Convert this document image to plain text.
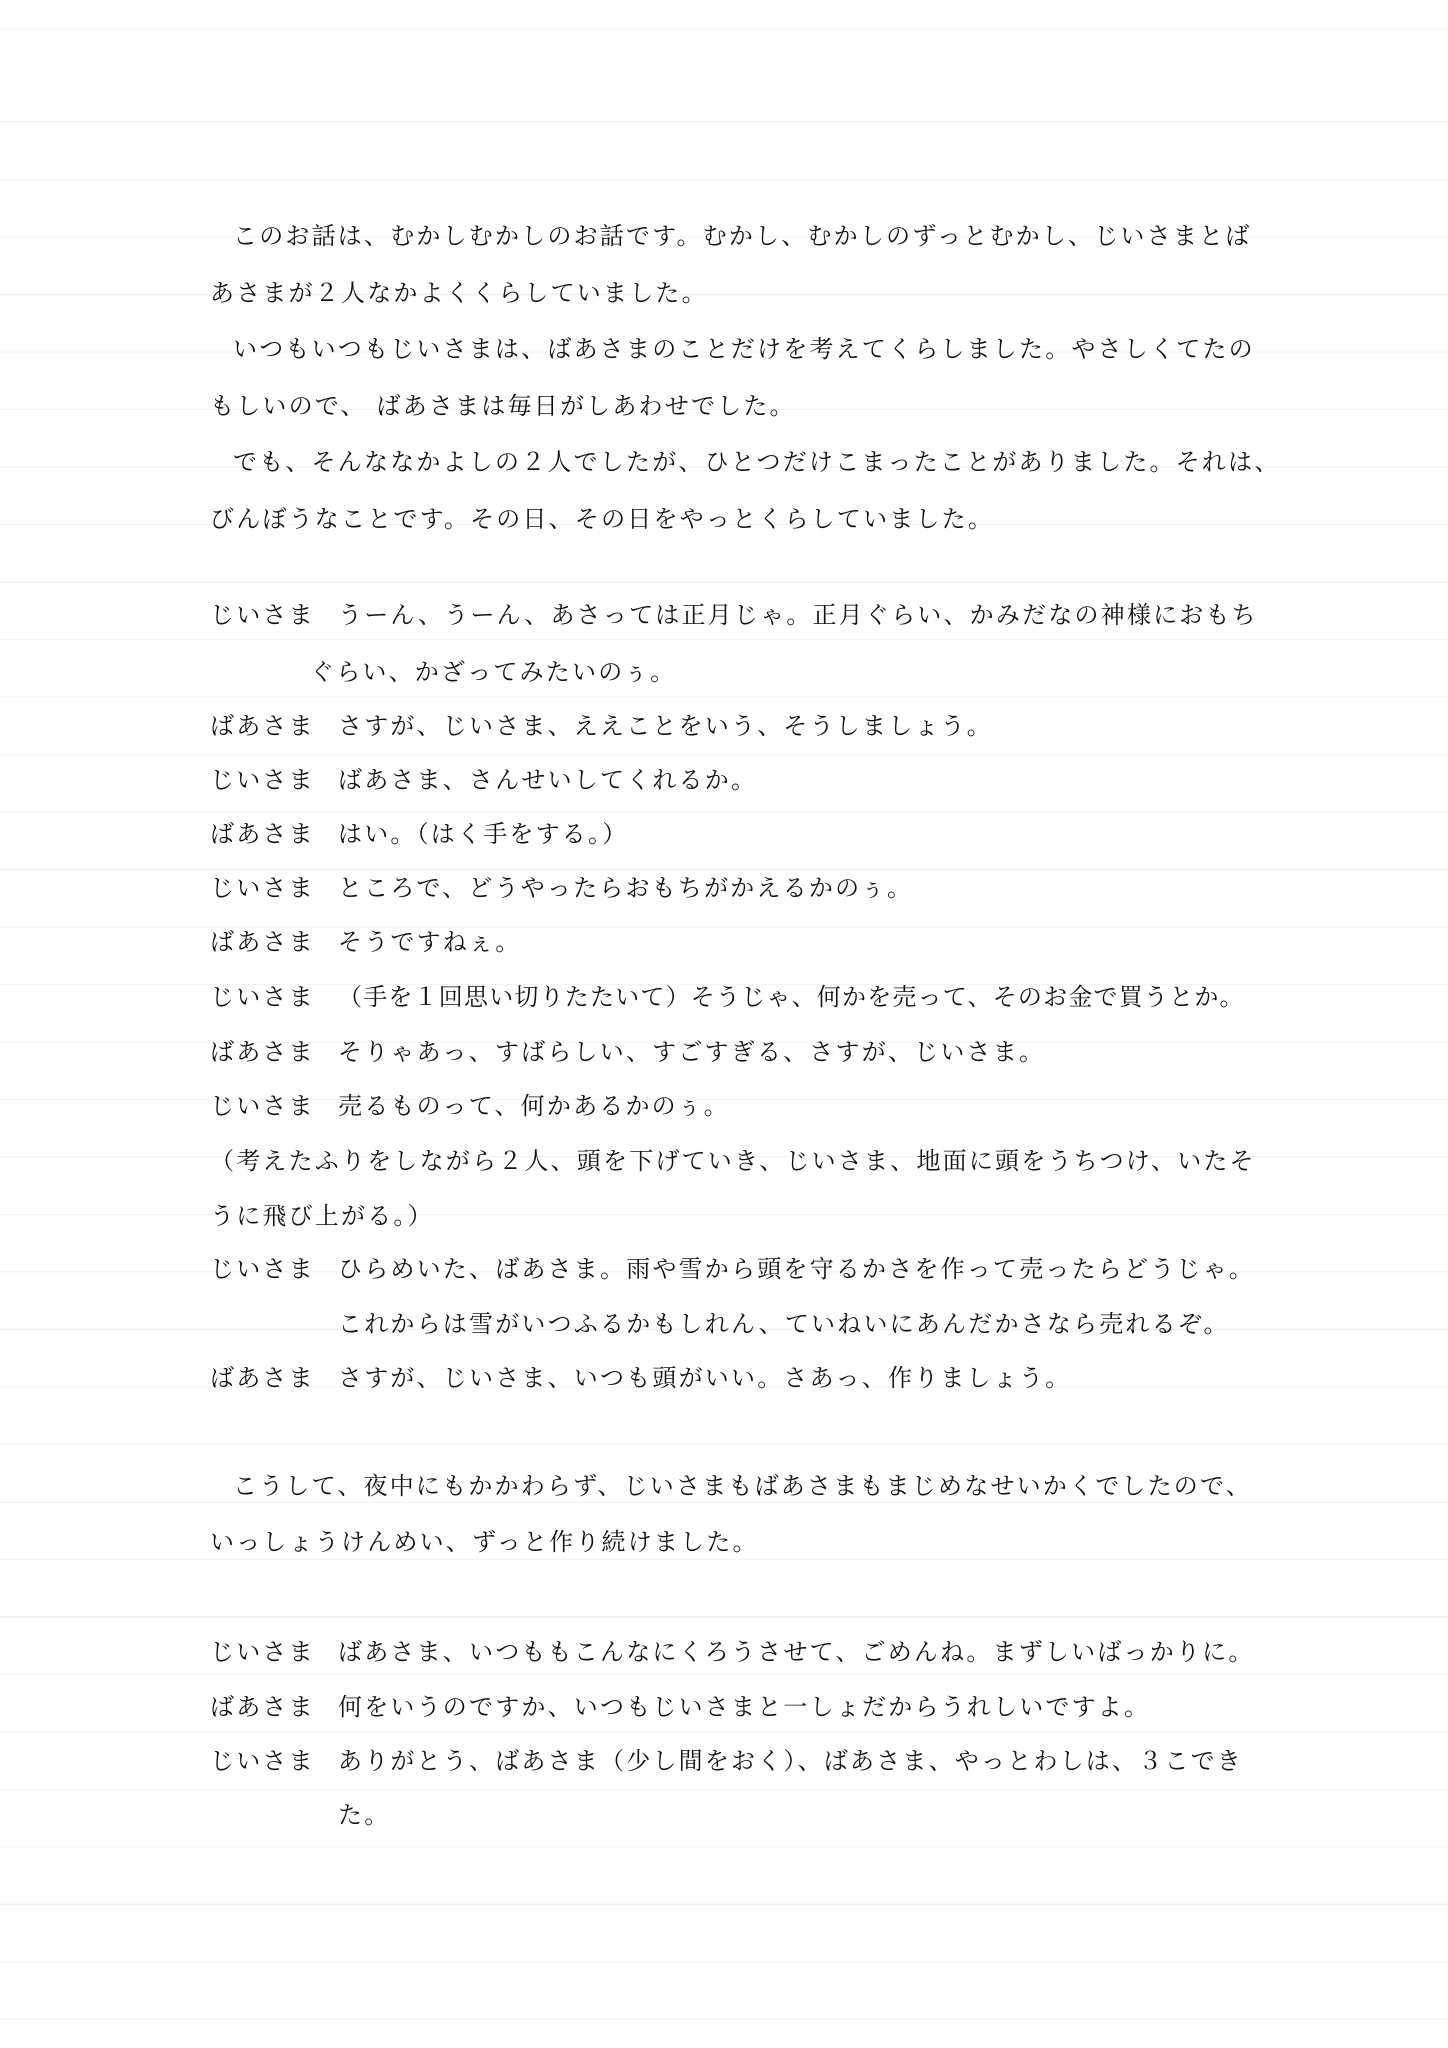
このお話は、むかしむかしのお話です。むかし、むかしのずっとむかし、じいさまとば
あさまが２人なかよくくらしていました。
いつもいつもじいさまは、ばあさまのことだけを考えてくらしました。やさしくてたの
もしいので、 ばあさまは毎日がしあわせでした。
でも、そんななかよしの２人でしたが、ひとつだけこまったことがありました。それは、
びんぼうなことです。その日、その日をやっとくらしていました。
じいさま うーん、うーん、あさっては正月じゃ。正月ぐらい、かみだなの神様におもち
ぐらい、かざってみたいのぅ。
ばあさま さすが、じいさま、ええことをいう、そうしましょう。
じいさま ばあさま、さんせいしてくれるか。
ばあさま はい。（はく手をする。）
じいさま ところで、どうやったらおもちがかえるかのぅ。
ばあさま そうですねぇ。
じいさま （手を１回思い切りたたいて）そうじゃ、何かを売って、そのお金で買うとか。
ばあさま そりゃあっ、すばらしい、すごすぎる、さすが、じいさま。
じいさま 売るものって、何かあるかのぅ。
（考えたふりをしながら２人、頭を下げていき、じいさま、地面に頭をうちつけ、いたそ
うに飛び上がる。）
じいさま ひらめいた、ばあさま。雨や雪から頭を守るかさを作って売ったらどうじゃ。
これからは雪がいつふるかもしれん、ていねいにあんだかさなら売れるぞ。
ばあさま さすが、じいさま、いつも頭がいい。さあっ、作りましょう。
こうして、夜中にもかかわらず、じいさまもばあさまもまじめなせいかくでしたので、
いっしょうけんめい、ずっと作り続けました。
じいさま ばあさま、いつももこんなにくろうさせて、ごめんね。まずしいばっかりに。
ばあさま 何をいうのですか、いつもじいさまと一しょだからうれしいですよ。
じいさま ありがとう、ばあさま（少し間をおく）、ばあさま、やっとわしは、３こでき
た。
